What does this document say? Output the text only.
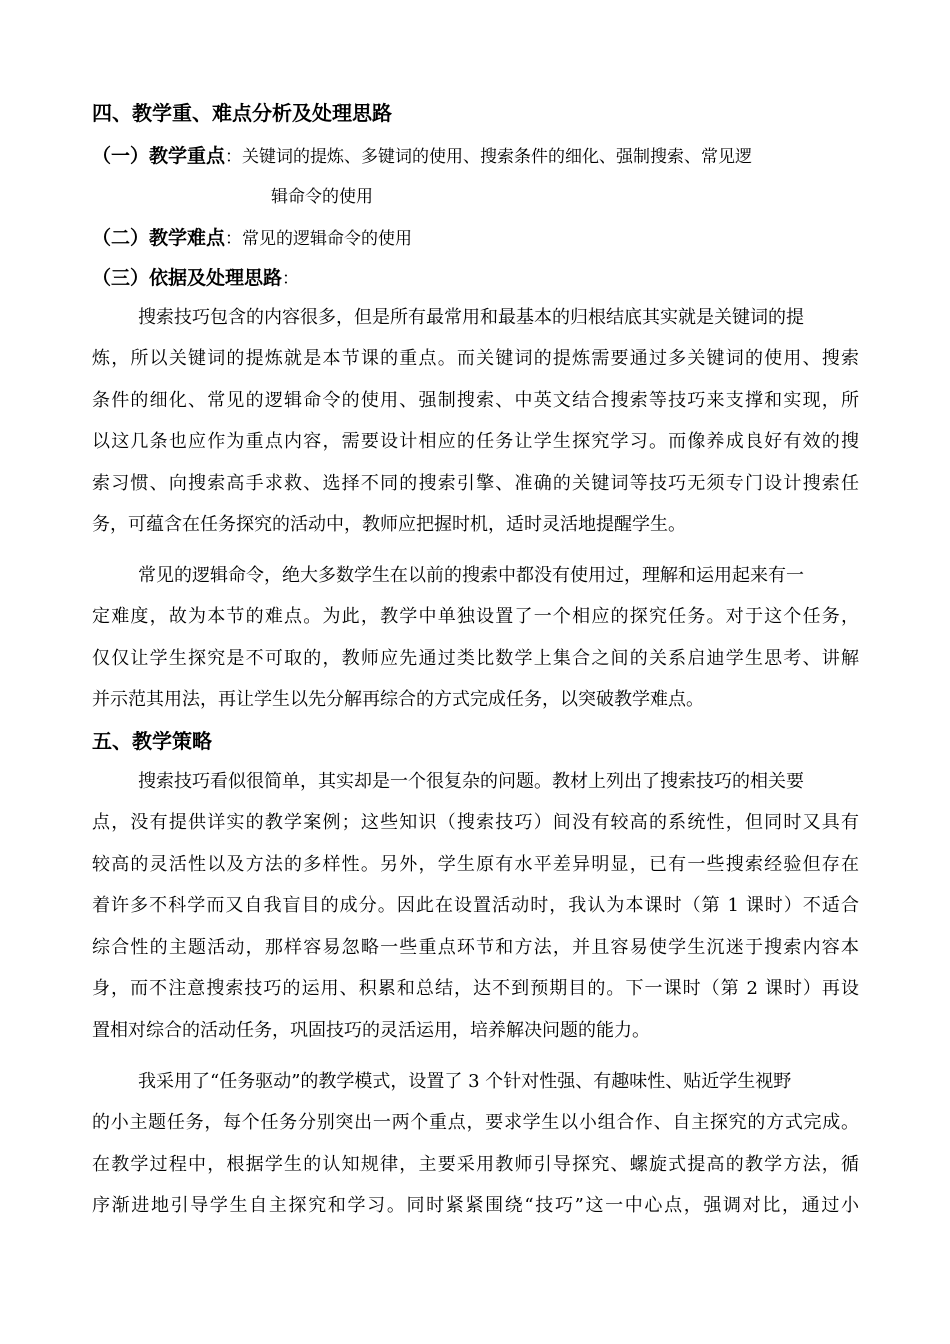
四、教学重、难点分析及处理思路
（一）教学重点：关键词的提炼、多键词的使用、搜索条件的细化、强制搜索、常见逻
辑命令的使用
（二）教学难点：常见的逻辑命令的使用
（三）依据及处理思路：
搜索技巧包含的内容很多，但是所有最常用和最基本的归根结底其实就是关键词的提
炼，所以关键词的提炼就是本节课的重点。而关键词的提炼需要通过多关键词的使用、搜索
条件的细化、常见的逻辑命令的使用、强制搜索、中英文结合搜索等技巧来支撑和实现，所
以这几条也应作为重点内容，需要设计相应的任务让学生探究学习。而像养成良好有效的搜
索习惯、向搜索高手求救、选择不同的搜索引擎、准确的关键词等技巧无须专门设计搜索任
务，可蕴含在任务探究的活动中，教师应把握时机，适时灵活地提醒学生。
常见的逻辑命令，绝大多数学生在以前的搜索中都没有使用过，理解和运用起来有一
定难度，故为本节的难点。为此，教学中单独设置了一个相应的探究任务。对于这个任务，
仅仅让学生探究是不可取的，教师应先通过类比数学上集合之间的关系启迪学生思考、讲解
并示范其用法，再让学生以先分解再综合的方式完成任务，以突破教学难点。
五、教学策略
搜索技巧看似很简单，其实却是一个很复杂的问题。教材上列出了搜索技巧的相关要
点，没有提供详实的教学案例；这些知识（搜索技巧）间没有较高的系统性，但同时又具有
较高的灵活性以及方法的多样性。另外，学生原有水平差异明显，已有一些搜索经验但存在
着许多不科学而又自我盲目的成分。因此在设置活动时，我认为本课时（第 1 课时）不适合
综合性的主题活动，那样容易忽略一些重点环节和方法，并且容易使学生沉迷于搜索内容本
身，而不注意搜索技巧的运用、积累和总结，达不到预期目的。下一课时（第 2 课时）再设
置相对综合的活动任务，巩固技巧的灵活运用，培养解决问题的能力。
我采用了“任务驱动”的教学模式，设置了 3 个针对性强、有趣味性、贴近学生视野
的小主题任务，每个任务分别突出一两个重点，要求学生以小组合作、自主探究的方式完成。
在教学过程中，根据学生的认知规律，主要采用教师引导探究、螺旋式提高的教学方法，循
序渐进地引导学生自主探究和学习。同时紧紧围绕“技巧”这一中心点，强调对比，通过小
